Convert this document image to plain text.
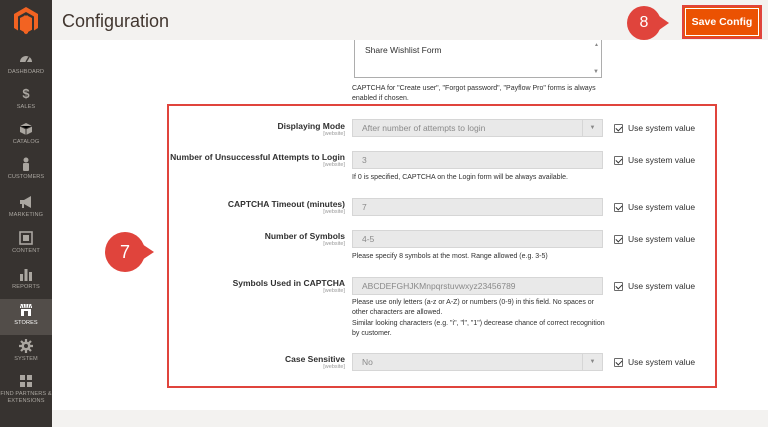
DASHBOARD
$
SALES
CATALOG
CUSTOMERS
MARKETING
CONTENT
REPORTS
STORES
SYSTEM
FIND PARTNERS & EXTENSIONS
Configuration	8	Save Config
Share Wishlist Form	▲
▼
CAPTCHA for "Create user", "Forgot password", "Payflow Pro" forms is always enabled if chosen.
7
Displaying Mode
[website]
After number of attempts to login	▼	Use system value
Number of Unsuccessful Attempts to Login
[website]	3	Use system value
If 0 is specified, CAPTCHA on the Login form will be always available.
CAPTCHA Timeout (minutes)
[website]	7	Use system value
Number of Symbols
[website]	4-5	Use system value
Please specify 8 symbols at the most. Range allowed (e.g. 3-5)
Symbols Used in CAPTCHA
[website]	ABCDEFGHJKMnpqrstuvwxyz23456789	Use system value
Please use only letters (a-z or A-Z) or numbers (0-9) in this field. No spaces or other characters are allowed.
Similar looking characters (e.g. "i", "l", "1") decrease chance of correct recognition by customer.
Case Sensitive
[website]	No	▼	Use system value
